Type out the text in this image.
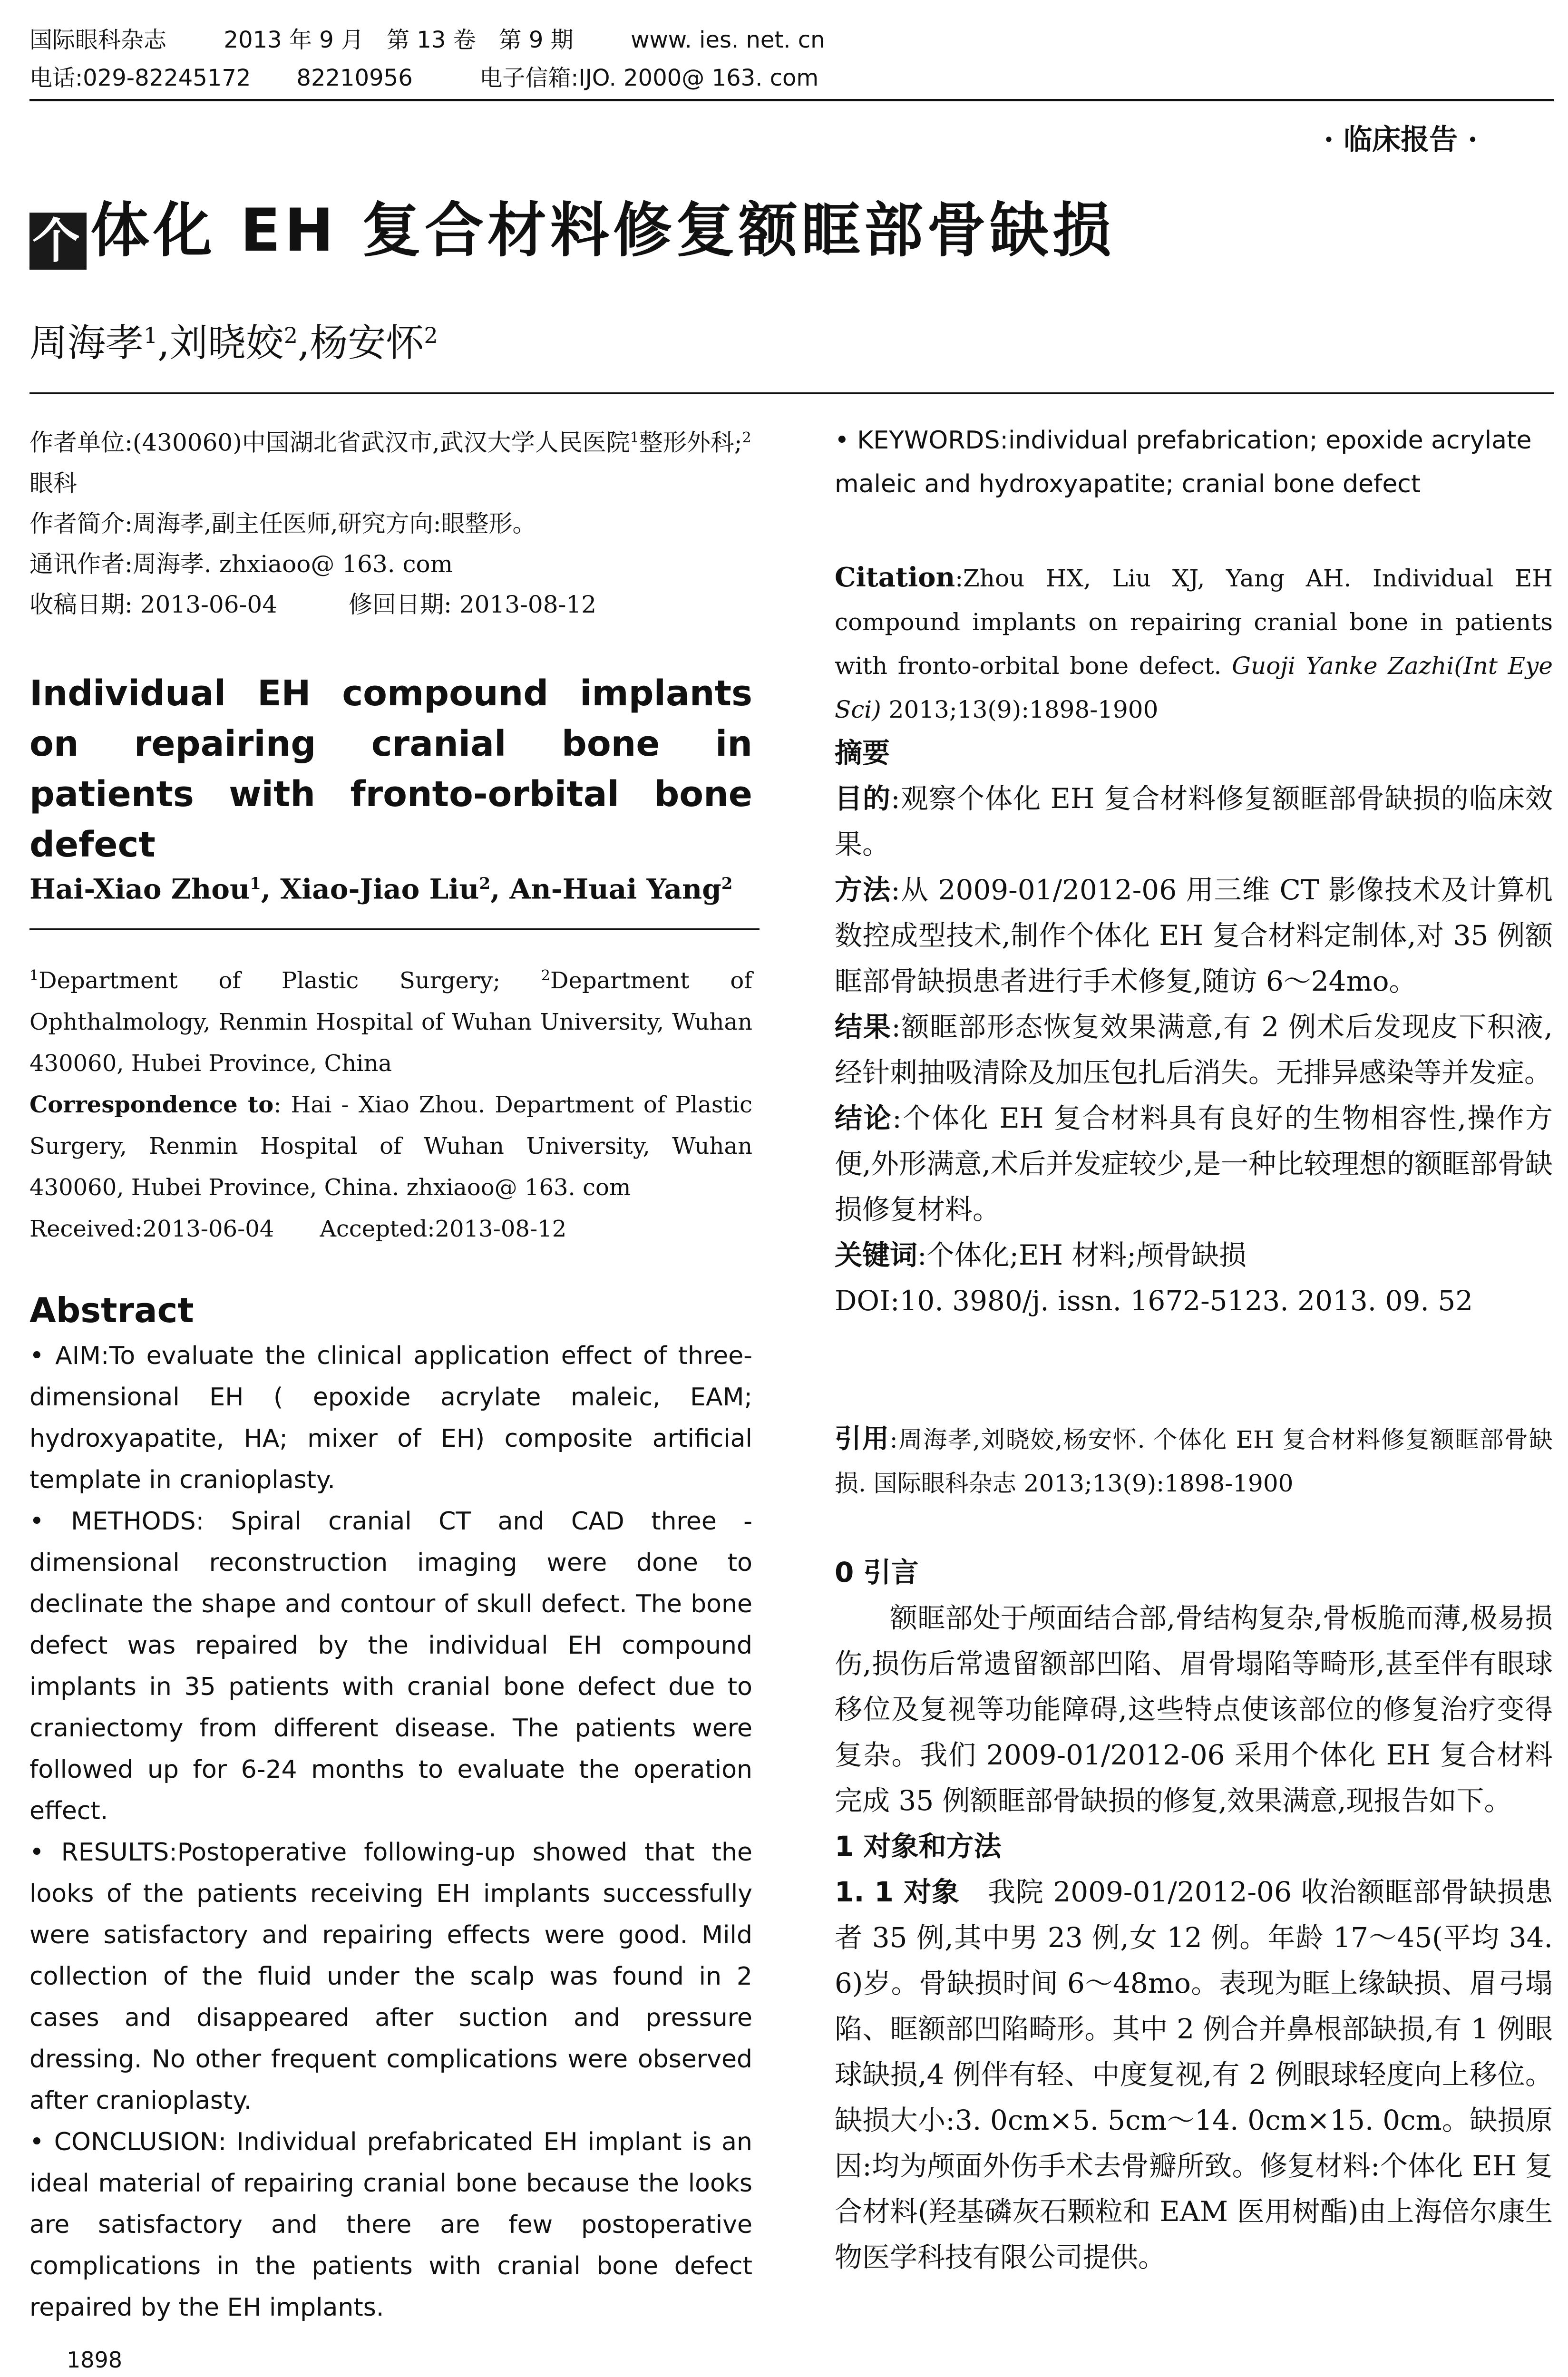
国际眼科杂志	2013 年 9 月　第 13 卷　第 9 期	www. ies. net. cn
电话:029-82245172　　82210956	电子信箱:IJO. 2000@ 163. com
· 临床报告 ·
个 体化 EH 复合材料修复额眶部骨缺损
周海孝$^1$,刘晓姣$^2$,杨安怀$^2$

作者单位:(430060)中国湖北省武汉市,武汉大学人民医院$^1$整形外科;$^2$眼科

作者简介:周海孝,副主任医师,研究方向:眼整形。

通讯作者:周海孝. zhxiaoo@ 163. com

收稿日期: 2013-06-04　　　修回日期: 2013-08-12

Individual EH compound implants on repairing cranial bone in patients with fronto-orbital bone defect
Hai-Xiao Zhou$^1$, Xiao-Jiao Liu$^2$, An-Huai Yang$^2$

$^1$Department of Plastic Surgery; $^2$Department of Ophthalmology, Renmin Hospital of Wuhan University, Wuhan 430060, Hubei Province, China

Correspondence to: Hai - Xiao Zhou. Department of Plastic Surgery, Renmin Hospital of Wuhan University, Wuhan 430060, Hubei Province, China. zhxiaoo@ 163. com

Received:2013-06-04　　Accepted:2013-08-12

Abstract

• AIM:To evaluate the clinical application effect of three-dimensional EH ( epoxide acrylate maleic, EAM; hydroxyapatite, HA; mixer of EH) composite artificial template in cranioplasty.

• METHODS: Spiral cranial CT and CAD three - dimensional reconstruction imaging were done to declinate the shape and contour of skull defect. The bone defect was repaired by the individual EH compound implants in 35 patients with cranial bone defect due to craniectomy from different disease. The patients were followed up for 6-24 months to evaluate the operation effect.

• RESULTS:Postoperative following-up showed that the looks of the patients receiving EH implants successfully were satisfactory and repairing effects were good. Mild collection of the fluid under the scalp was found in 2 cases and disappeared after suction and pressure dressing. No other frequent complications were observed after cranioplasty.

• CONCLUSION: Individual prefabricated EH implant is an ideal material of repairing cranial bone because the looks are satisfactory and there are few postoperative complications in the patients with cranial bone defect repaired by the EH implants.

1898
• KEYWORDS:individual prefabrication; epoxide acrylate maleic and hydroxyapatite; cranial bone defect
Citation:Zhou HX, Liu XJ, Yang AH. Individual EH compound implants on repairing cranial bone in patients with fronto-orbital bone defect. Guoji Yanke Zazhi(Int Eye Sci) 2013;13(9):1898-1900

摘要

目的:观察个体化 EH 复合材料修复额眶部骨缺损的临床效果。

方法:从 2009-01/2012-06 用三维 CT 影像技术及计算机数控成型技术,制作个体化 EH 复合材料定制体,对 35 例额眶部骨缺损患者进行手术修复,随访 6～24mo。

结果:额眶部形态恢复效果满意,有 2 例术后发现皮下积液,经针刺抽吸清除及加压包扎后消失。无排异感染等并发症。

结论:个体化 EH 复合材料具有良好的生物相容性,操作方便,外形满意,术后并发症较少,是一种比较理想的额眶部骨缺损修复材料。

关键词:个体化;EH 材料;颅骨缺损

DOI:10. 3980/j. issn. 1672-5123. 2013. 09. 52

引用:周海孝,刘晓姣,杨安怀. 个体化 EH 复合材料修复额眶部骨缺损. 国际眼科杂志 2013;13(9):1898-1900

0 引言

额眶部处于颅面结合部,骨结构复杂,骨板脆而薄,极易损伤,损伤后常遗留额部凹陷、眉骨塌陷等畸形,甚至伴有眼球移位及复视等功能障碍,这些特点使该部位的修复治疗变得复杂。我们 2009-01/2012-06 采用个体化 EH 复合材料完成 35 例额眶部骨缺损的修复,效果满意,现报告如下。

1 对象和方法

1. 1 对象　我院 2009-01/2012-06 收治额眶部骨缺损患者 35 例,其中男 23 例,女 12 例。年龄 17～45(平均 34. 6)岁。骨缺损时间 6～48mo。表现为眶上缘缺损、眉弓塌陷、眶额部凹陷畸形。其中 2 例合并鼻根部缺损,有 1 例眼球缺损,4 例伴有轻、中度复视,有 2 例眼球轻度向上移位。缺损大小:3. 0cm×5. 5cm～14. 0cm×15. 0cm。缺损原因:均为颅面外伤手术去骨瓣所致。修复材料:个体化 EH 复合材料(羟基磷灰石颗粒和 EAM 医用树酯)由上海倍尔康生物医学科技有限公司提供。
